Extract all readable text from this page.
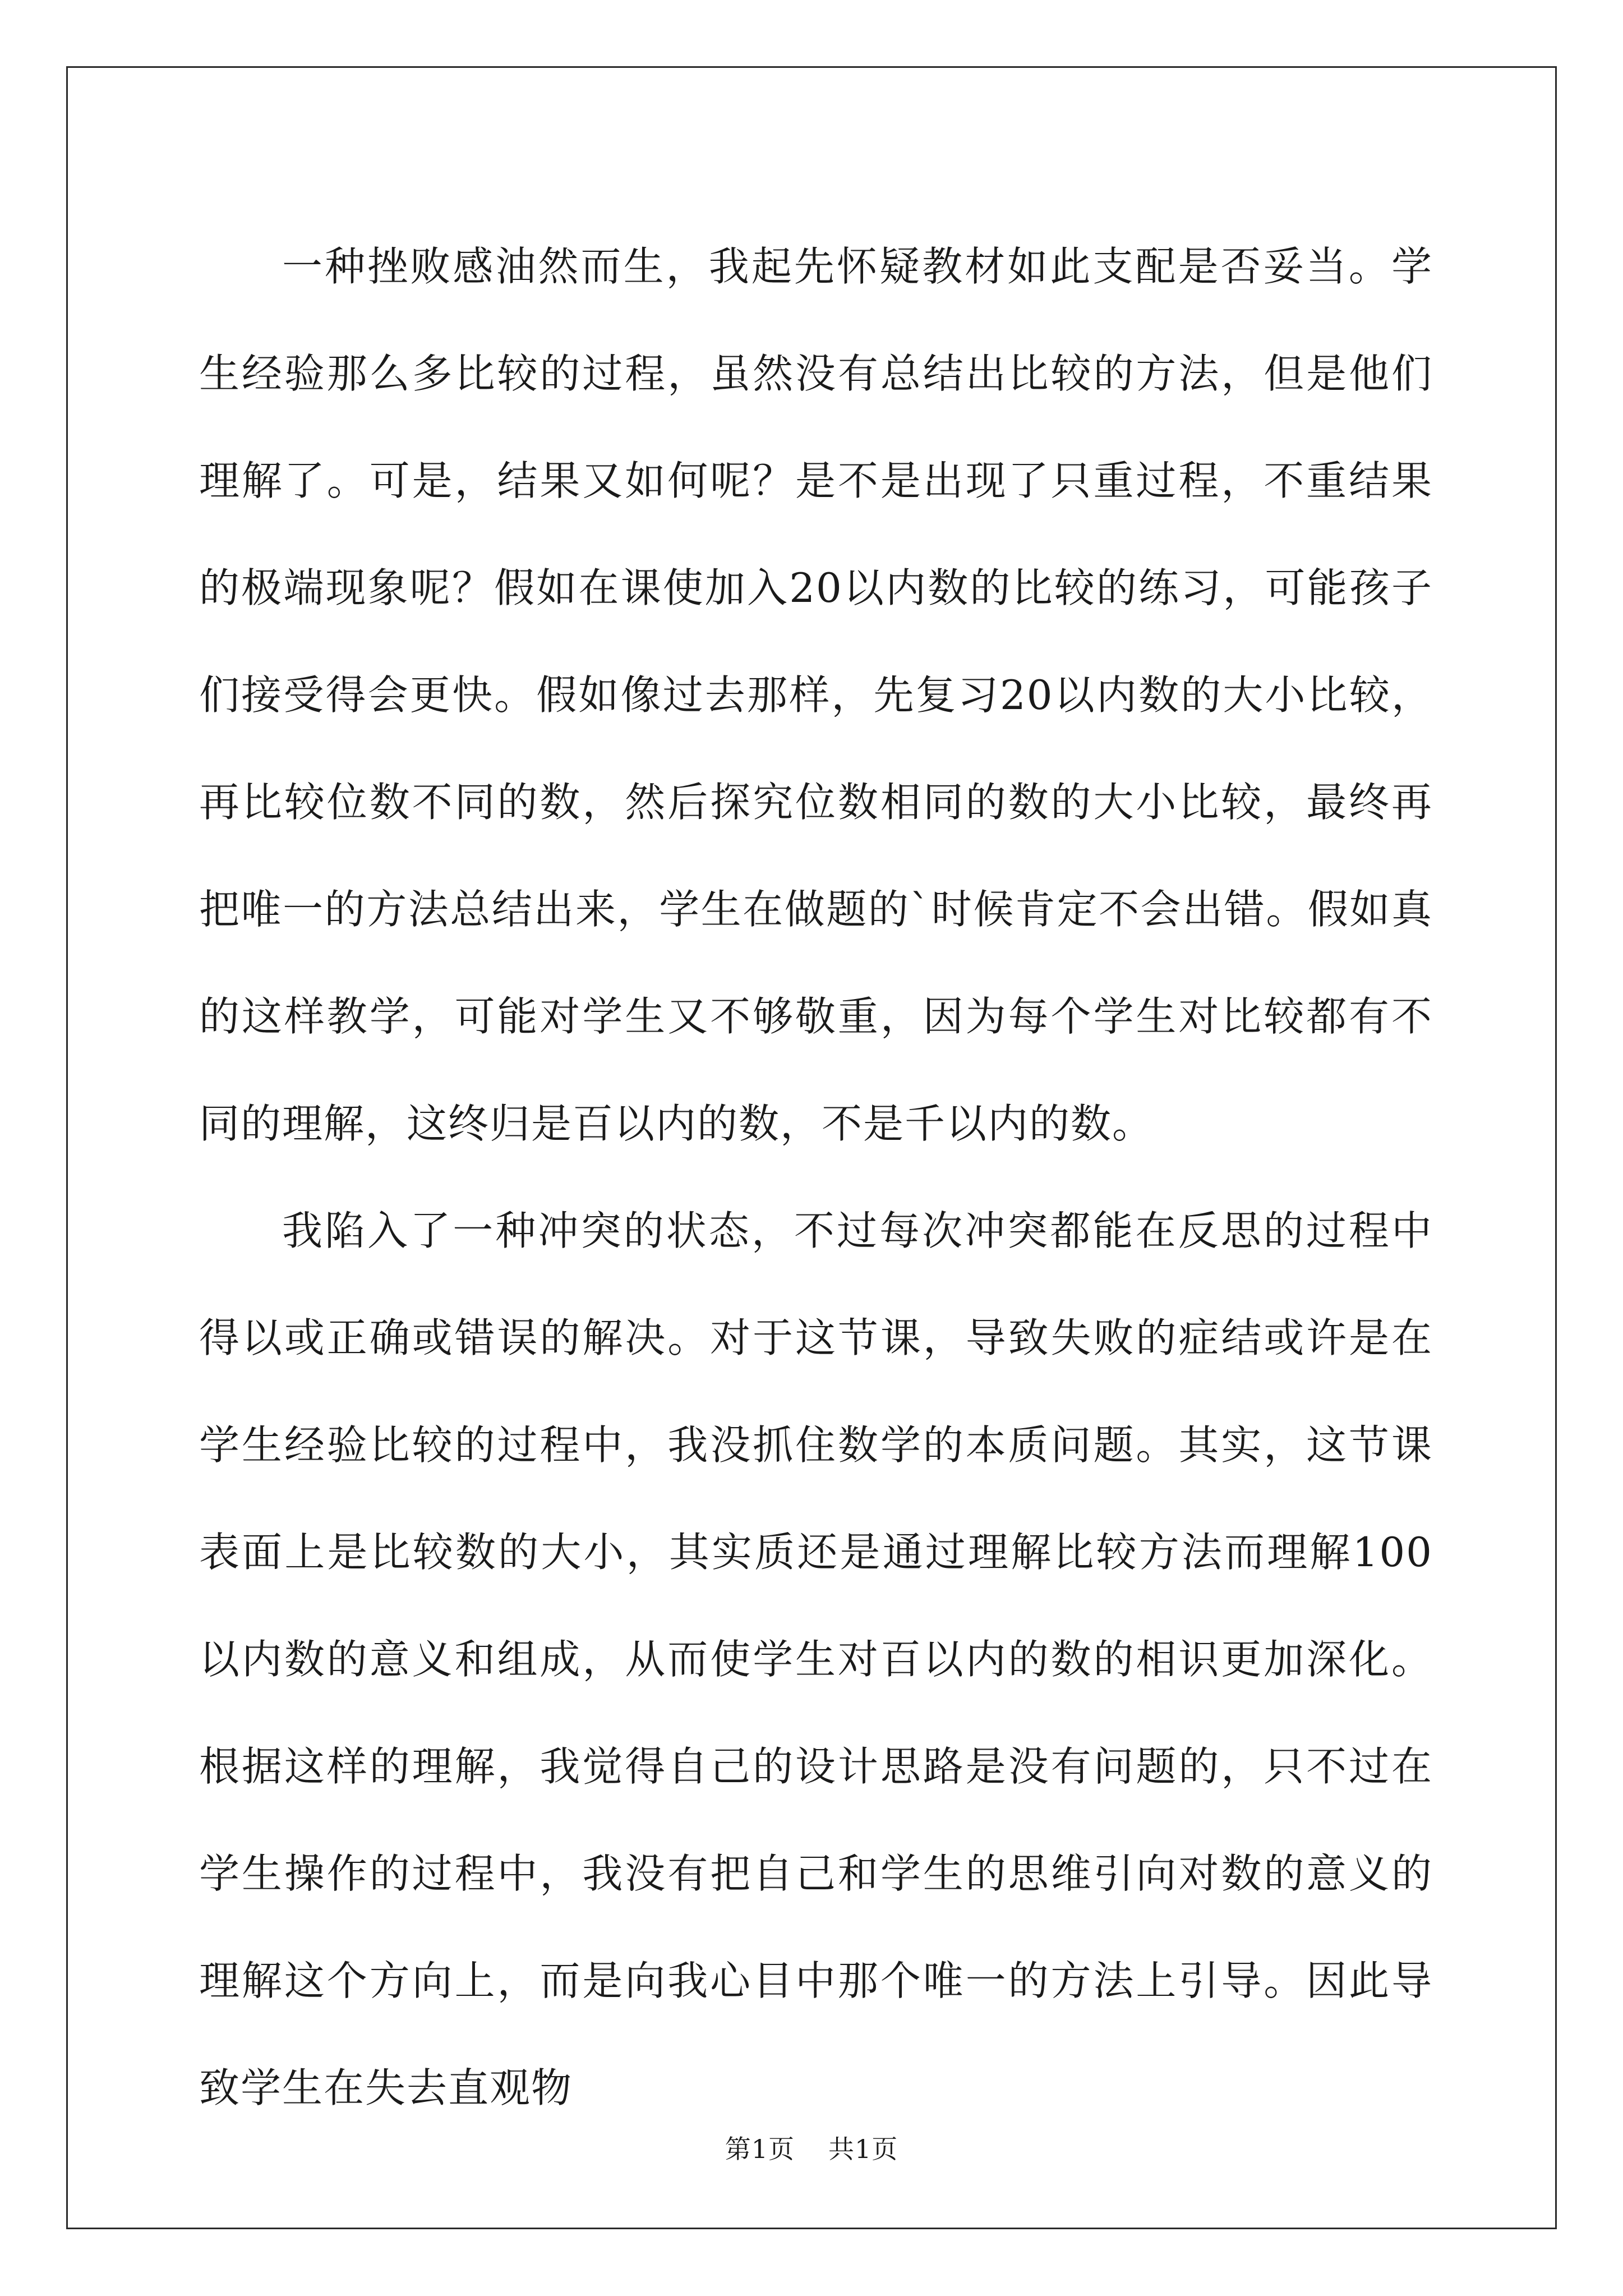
一种挫败感油然而生，我起先怀疑教材如此支配是否妥当。学生经验那么多比较的过程，虽然没有总结出比较的方法，但是他们理解了。可是，结果又如何呢？是不是出现了只重过程，不重结果的极端现象呢？假如在课使加入20以内数的比较的练习，可能孩子们接受得会更快。假如像过去那样，先复习20以内数的大小比较，再比较位数不同的数，然后探究位数相同的数的大小比较，最终再把唯一的方法总结出来，学生在做题的`时候肯定不会出错。假如真的这样教学，可能对学生又不够敬重，因为每个学生对比较都有不同的理解，这终归是百以内的数，不是千以内的数。

我陷入了一种冲突的状态，不过每次冲突都能在反思的过程中得以或正确或错误的解决。对于这节课，导致失败的症结或许是在学生经验比较的过程中，我没抓住数学的本质问题。其实，这节课表面上是比较数的大小，其实质还是通过理解比较方法而理解100以内数的意义和组成，从而使学生对百以内的数的相识更加深化。根据这样的理解，我觉得自己的设计思路是没有问题的，只不过在学生操作的过程中，我没有把自己和学生的思维引向对数的意义的理解这个方向上，而是向我心目中那个唯一的方法上引导。因此导致学生在失去直观物

第1页 共1页
